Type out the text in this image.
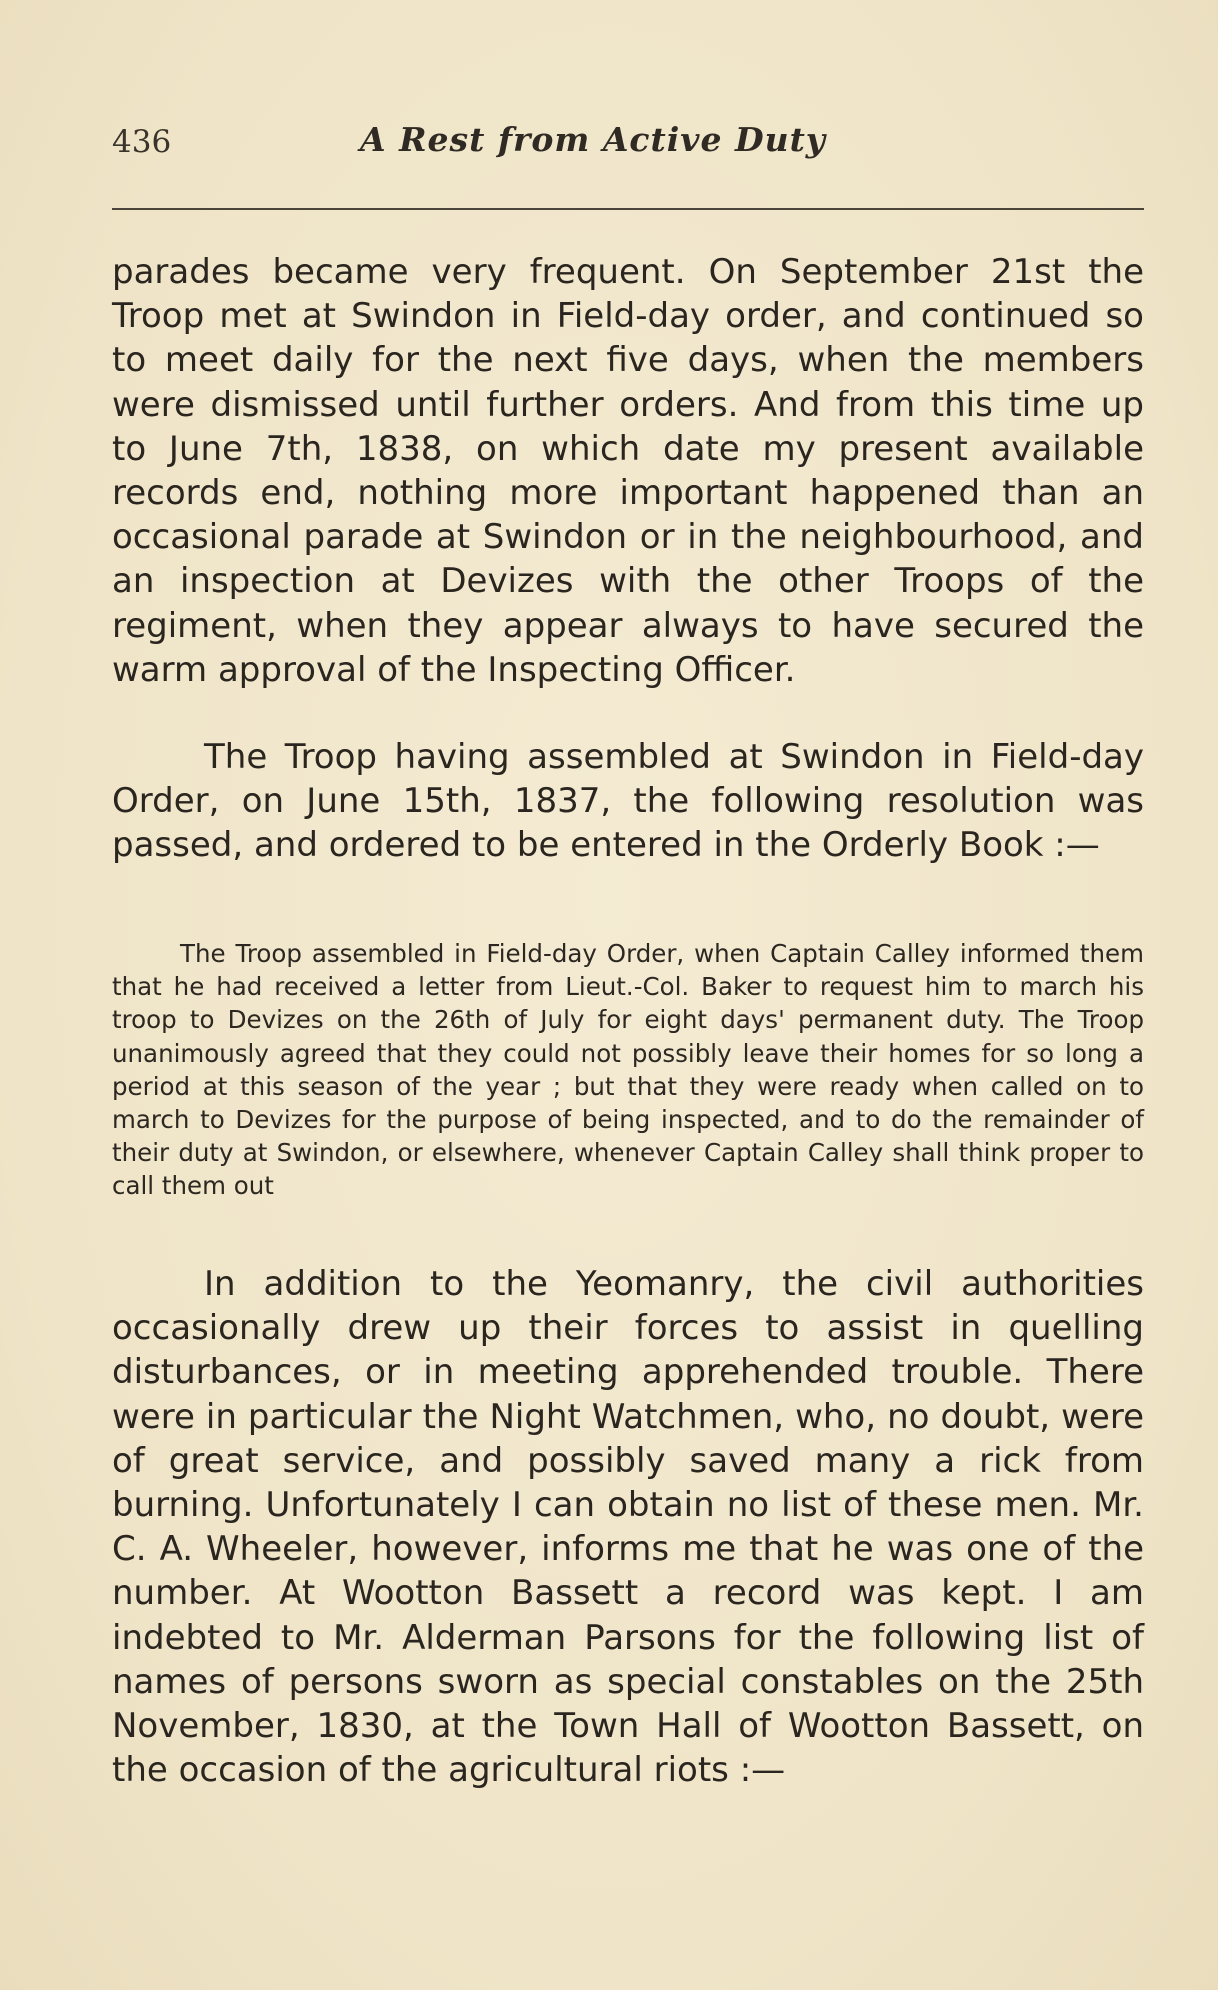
436	A Rest from Active Duty

parades became very frequent. On September 21st the Troop met at Swindon in Field-day order, and continued so to meet daily for the next five days, when the members were dismissed until further orders. And from this time up to June 7th, 1838, on which date my present available records end, nothing more important happened than an occasional parade at Swindon or in the neighbourhood, and an inspection at Devizes with the other Troops of the regiment, when they appear always to have secured the warm approval of the Inspecting Officer.

The Troop having assembled at Swindon in Field-day Order, on June 15th, 1837, the following resolution was passed, and ordered to be entered in the Orderly Book :—

The Troop assembled in Field-day Order, when Captain Calley informed them that he had received a letter from Lieut.-Col. Baker to request him to march his troop to Devizes on the 26th of July for eight days' permanent duty. The Troop unanimously agreed that they could not possibly leave their homes for so long a period at this season of the year ; but that they were ready when called on to march to Devizes for the purpose of being inspected, and to do the remainder of their duty at Swindon, or elsewhere, whenever Captain Calley shall think proper to call them out

In addition to the Yeomanry, the civil authorities occasionally drew up their forces to assist in quelling disturbances, or in meeting apprehended trouble. There were in particular the Night Watchmen, who, no doubt, were of great service, and possibly saved many a rick from burning. Unfortunately I can obtain no list of these men. Mr. C. A. Wheeler, however, informs me that he was one of the number. At Wootton Bassett a record was kept. I am indebted to Mr. Alderman Parsons for the following list of names of persons sworn as special constables on the 25th November, 1830, at the Town Hall of Wootton Bassett, on the occasion of the agricultural riots :—
